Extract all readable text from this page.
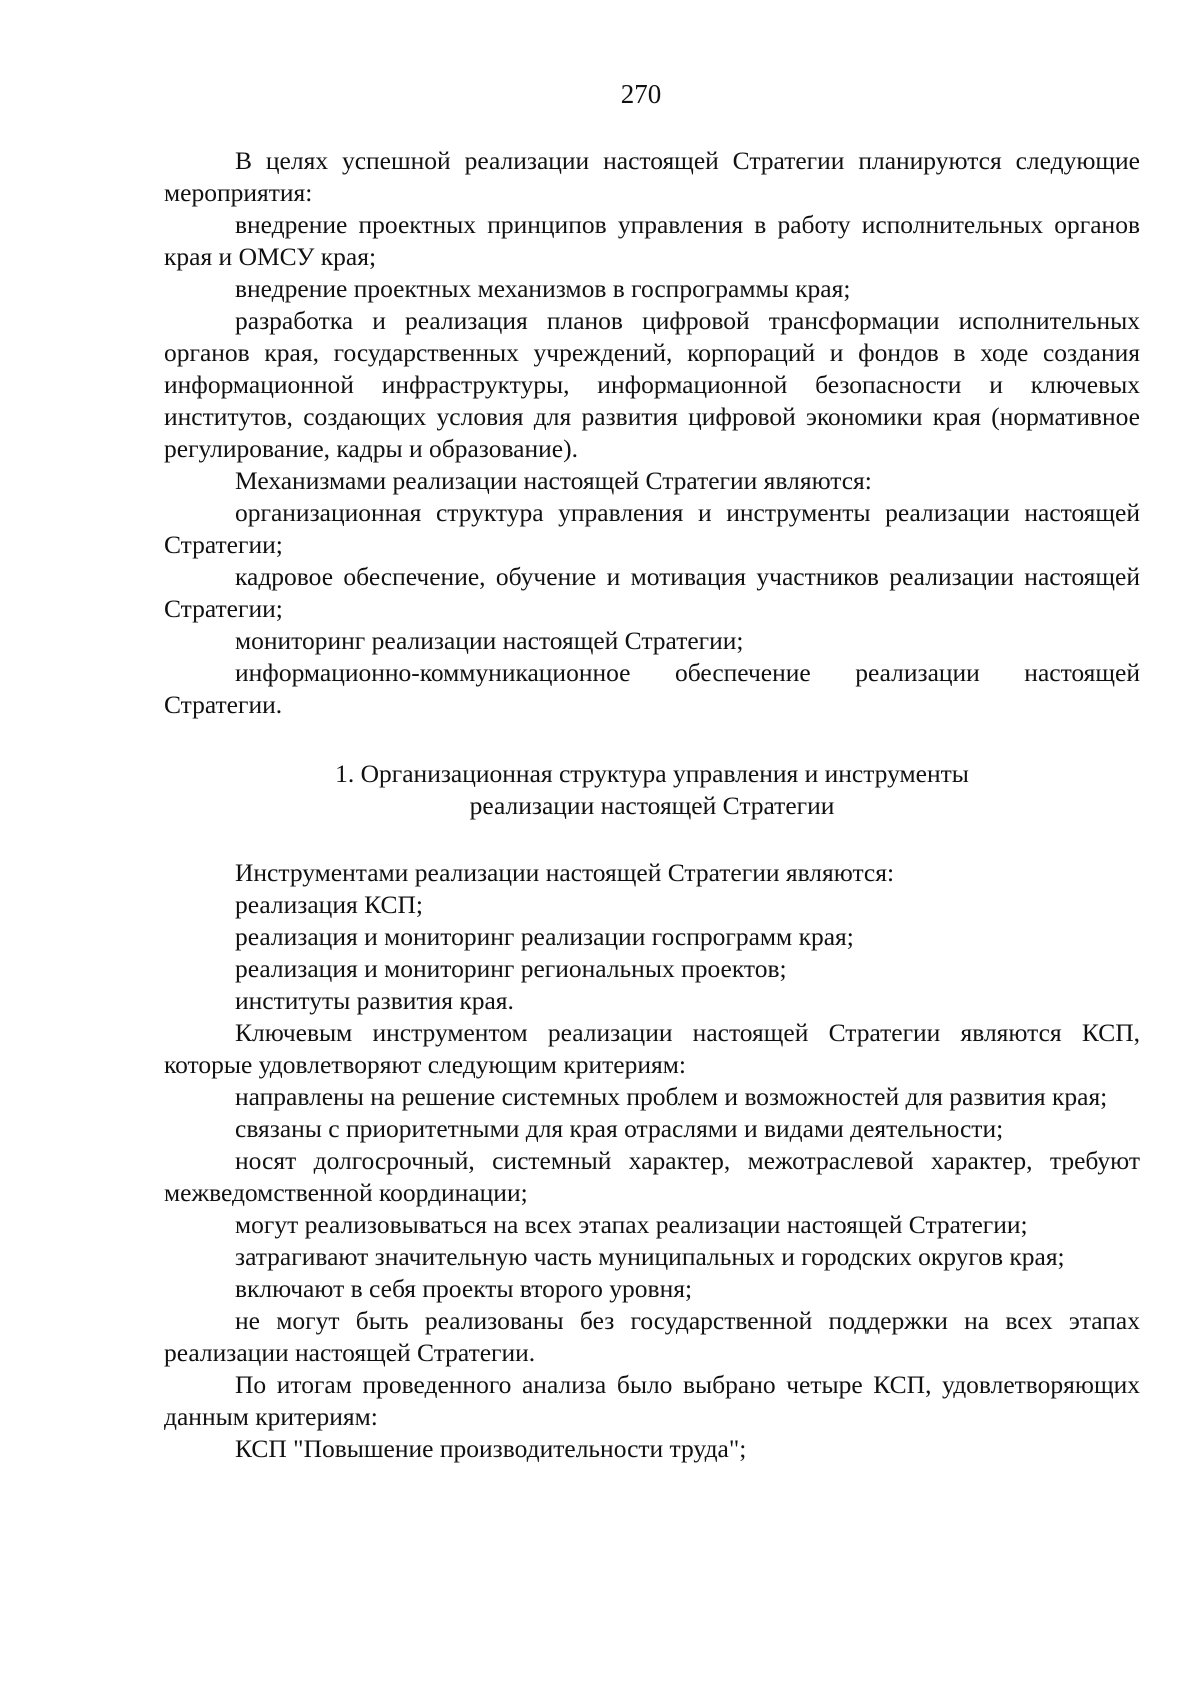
270

В целях успешной реализации настоящей Стратегии планируются следующие мероприятия:

внедрение проектных принципов управления в работу исполнительных органов края и ОМСУ края;

внедрение проектных механизмов в госпрограммы края;

разработка и реализация планов цифровой трансформации исполнительных органов края, государственных учреждений, корпораций и фондов в ходе создания информационной инфраструктуры, информационной безопасности и ключевых институтов, создающих условия для развития цифровой экономики края (нормативное регулирование, кадры и образование).

Механизмами реализации настоящей Стратегии являются:

организационная структура управления и инструменты реализации настоящей Стратегии;

кадровое обеспечение, обучение и мотивация участников реализации настоящей Стратегии;

мониторинг реализации настоящей Стратегии;

информационно-коммуникационное обеспечение реализации настоящей Стратегии.

1. Организационная структура управления и инструменты
реализации настоящей Стратегии

Инструментами реализации настоящей Стратегии являются:

реализация КСП;

реализация и мониторинг реализации госпрограмм края;

реализация и мониторинг региональных проектов;

институты развития края.

Ключевым инструментом реализации настоящей Стратегии являются КСП, которые удовлетворяют следующим критериям:

направлены на решение системных проблем и возможностей для развития края;

связаны с приоритетными для края отраслями и видами деятельности;

носят долгосрочный, системный характер, межотраслевой характер, требуют межведомственной координации;

могут реализовываться на всех этапах реализации настоящей Стратегии;

затрагивают значительную часть муниципальных и городских округов края;

включают в себя проекты второго уровня;

не могут быть реализованы без государственной поддержки на всех этапах реализации настоящей Стратегии.

По итогам проведенного анализа было выбрано четыре КСП, удовлетворяющих данным критериям:

КСП "Повышение производительности труда";
